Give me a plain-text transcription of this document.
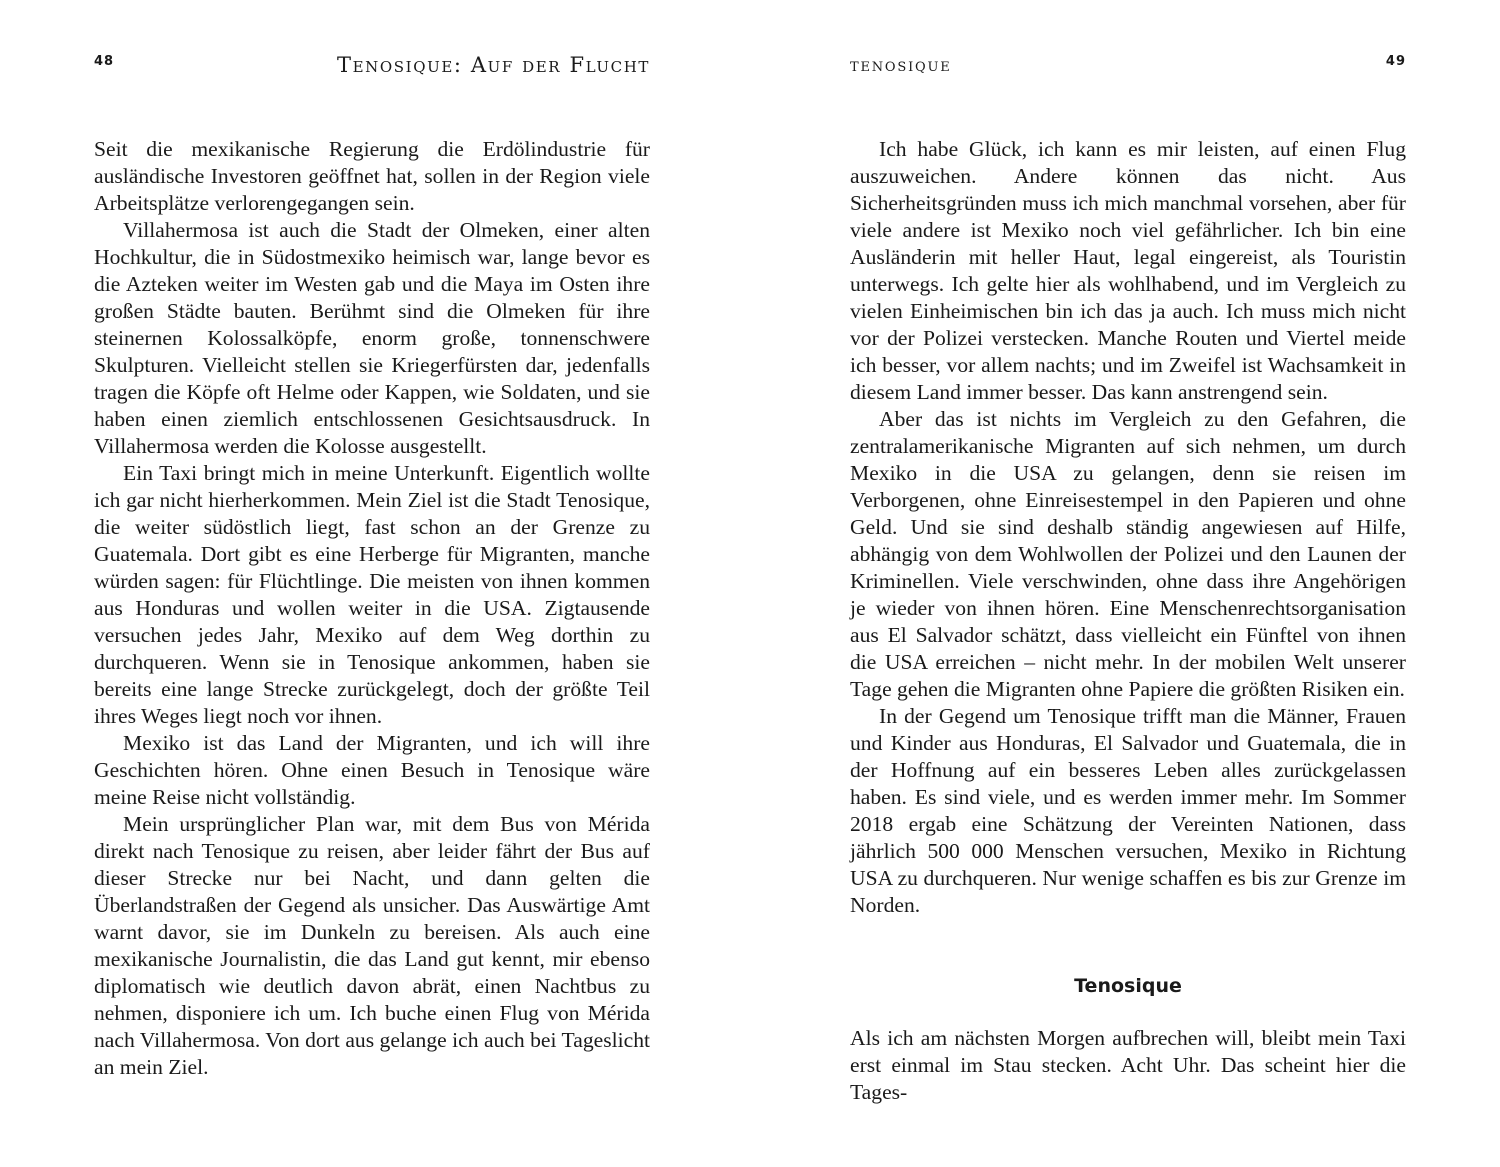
48	Tenosique: Auf der Flucht

Seit die mexikanische Regierung die Erdölindustrie für ausländische Investoren geöffnet hat, sollen in der Region viele Arbeitsplätze verlorengegangen sein.

Villahermosa ist auch die Stadt der Olmeken, einer alten Hochkultur, die in Südostmexiko heimisch war, lange bevor es die Azteken weiter im Westen gab und die Maya im Osten ihre großen Städte bauten. Berühmt sind die Olmeken für ihre steinernen Kolossalköpfe, enorm große, tonnenschwere Skulpturen. Vielleicht stellen sie Kriegerfürsten dar, jedenfalls tragen die Köpfe oft Helme oder Kappen, wie Soldaten, und sie haben einen ziemlich entschlossenen Gesichtsausdruck. In Villahermosa werden die Kolosse ausgestellt.

Ein Taxi bringt mich in meine Unterkunft. Eigentlich wollte ich gar nicht hierherkommen. Mein Ziel ist die Stadt Tenosique, die weiter südöstlich liegt, fast schon an der Grenze zu Guatemala. Dort gibt es eine Herberge für Migranten, manche würden sagen: für Flüchtlinge. Die meisten von ihnen kommen aus Honduras und wollen weiter in die USA. Zigtausende versuchen jedes Jahr, Mexiko auf dem Weg dorthin zu durchqueren. Wenn sie in Tenosique ankommen, haben sie bereits eine lange Strecke zurückgelegt, doch der größte Teil ihres Weges liegt noch vor ihnen.

Mexiko ist das Land der Migranten, und ich will ihre Geschichten hören. Ohne einen Besuch in Tenosique wäre meine Reise nicht vollständig.

Mein ursprünglicher Plan war, mit dem Bus von Mérida direkt nach Tenosique zu reisen, aber leider fährt der Bus auf dieser Strecke nur bei Nacht, und dann gelten die Überlandstraßen der Gegend als unsicher. Das Auswärtige Amt warnt davor, sie im Dunkeln zu bereisen. Als auch eine mexikanische Journalistin, die das Land gut kennt, mir ebenso diplomatisch wie deutlich davon abrät, einen Nachtbus zu nehmen, disponiere ich um. Ich buche einen Flug von Mérida nach Villahermosa. Von dort aus gelange ich auch bei Tageslicht an mein Ziel.

tenosique	49

Ich habe Glück, ich kann es mir leisten, auf einen Flug auszuweichen. Andere können das nicht. Aus Sicherheitsgründen muss ich mich manchmal vorsehen, aber für viele andere ist Mexiko noch viel gefährlicher. Ich bin eine Ausländerin mit heller Haut, legal eingereist, als Touristin unterwegs. Ich gelte hier als wohlhabend, und im Vergleich zu vielen Einheimischen bin ich das ja auch. Ich muss mich nicht vor der Polizei verstecken. Manche Routen und Viertel meide ich besser, vor allem nachts; und im Zweifel ist Wachsamkeit in diesem Land immer besser. Das kann anstrengend sein.

Aber das ist nichts im Vergleich zu den Gefahren, die zentralamerikanische Migranten auf sich nehmen, um durch Mexiko in die USA zu gelangen, denn sie reisen im Verborgenen, ohne Einreisestempel in den Papieren und ohne Geld. Und sie sind deshalb ständig angewiesen auf Hilfe, abhängig von dem Wohlwollen der Polizei und den Launen der Kriminellen. Viele verschwinden, ohne dass ihre Angehörigen je wieder von ihnen hören. Eine Menschenrechtsorganisation aus El Salvador schätzt, dass vielleicht ein Fünftel von ihnen die USA erreichen – nicht mehr. In der mobilen Welt unserer Tage gehen die Migranten ohne Papiere die größten Risiken ein.

In der Gegend um Tenosique trifft man die Männer, Frauen und Kinder aus Honduras, El Salvador und Guatemala, die in der Hoffnung auf ein besseres Leben alles zurückgelassen haben. Es sind viele, und es werden immer mehr. Im Sommer 2018 ergab eine Schätzung der Vereinten Nationen, dass jährlich 500 000 Menschen versuchen, Mexiko in Richtung USA zu durchqueren. Nur wenige schaffen es bis zur Grenze im Norden.

Tenosique

Als ich am nächsten Morgen aufbrechen will, bleibt mein Taxi erst einmal im Stau stecken. Acht Uhr. Das scheint hier die Tages-
